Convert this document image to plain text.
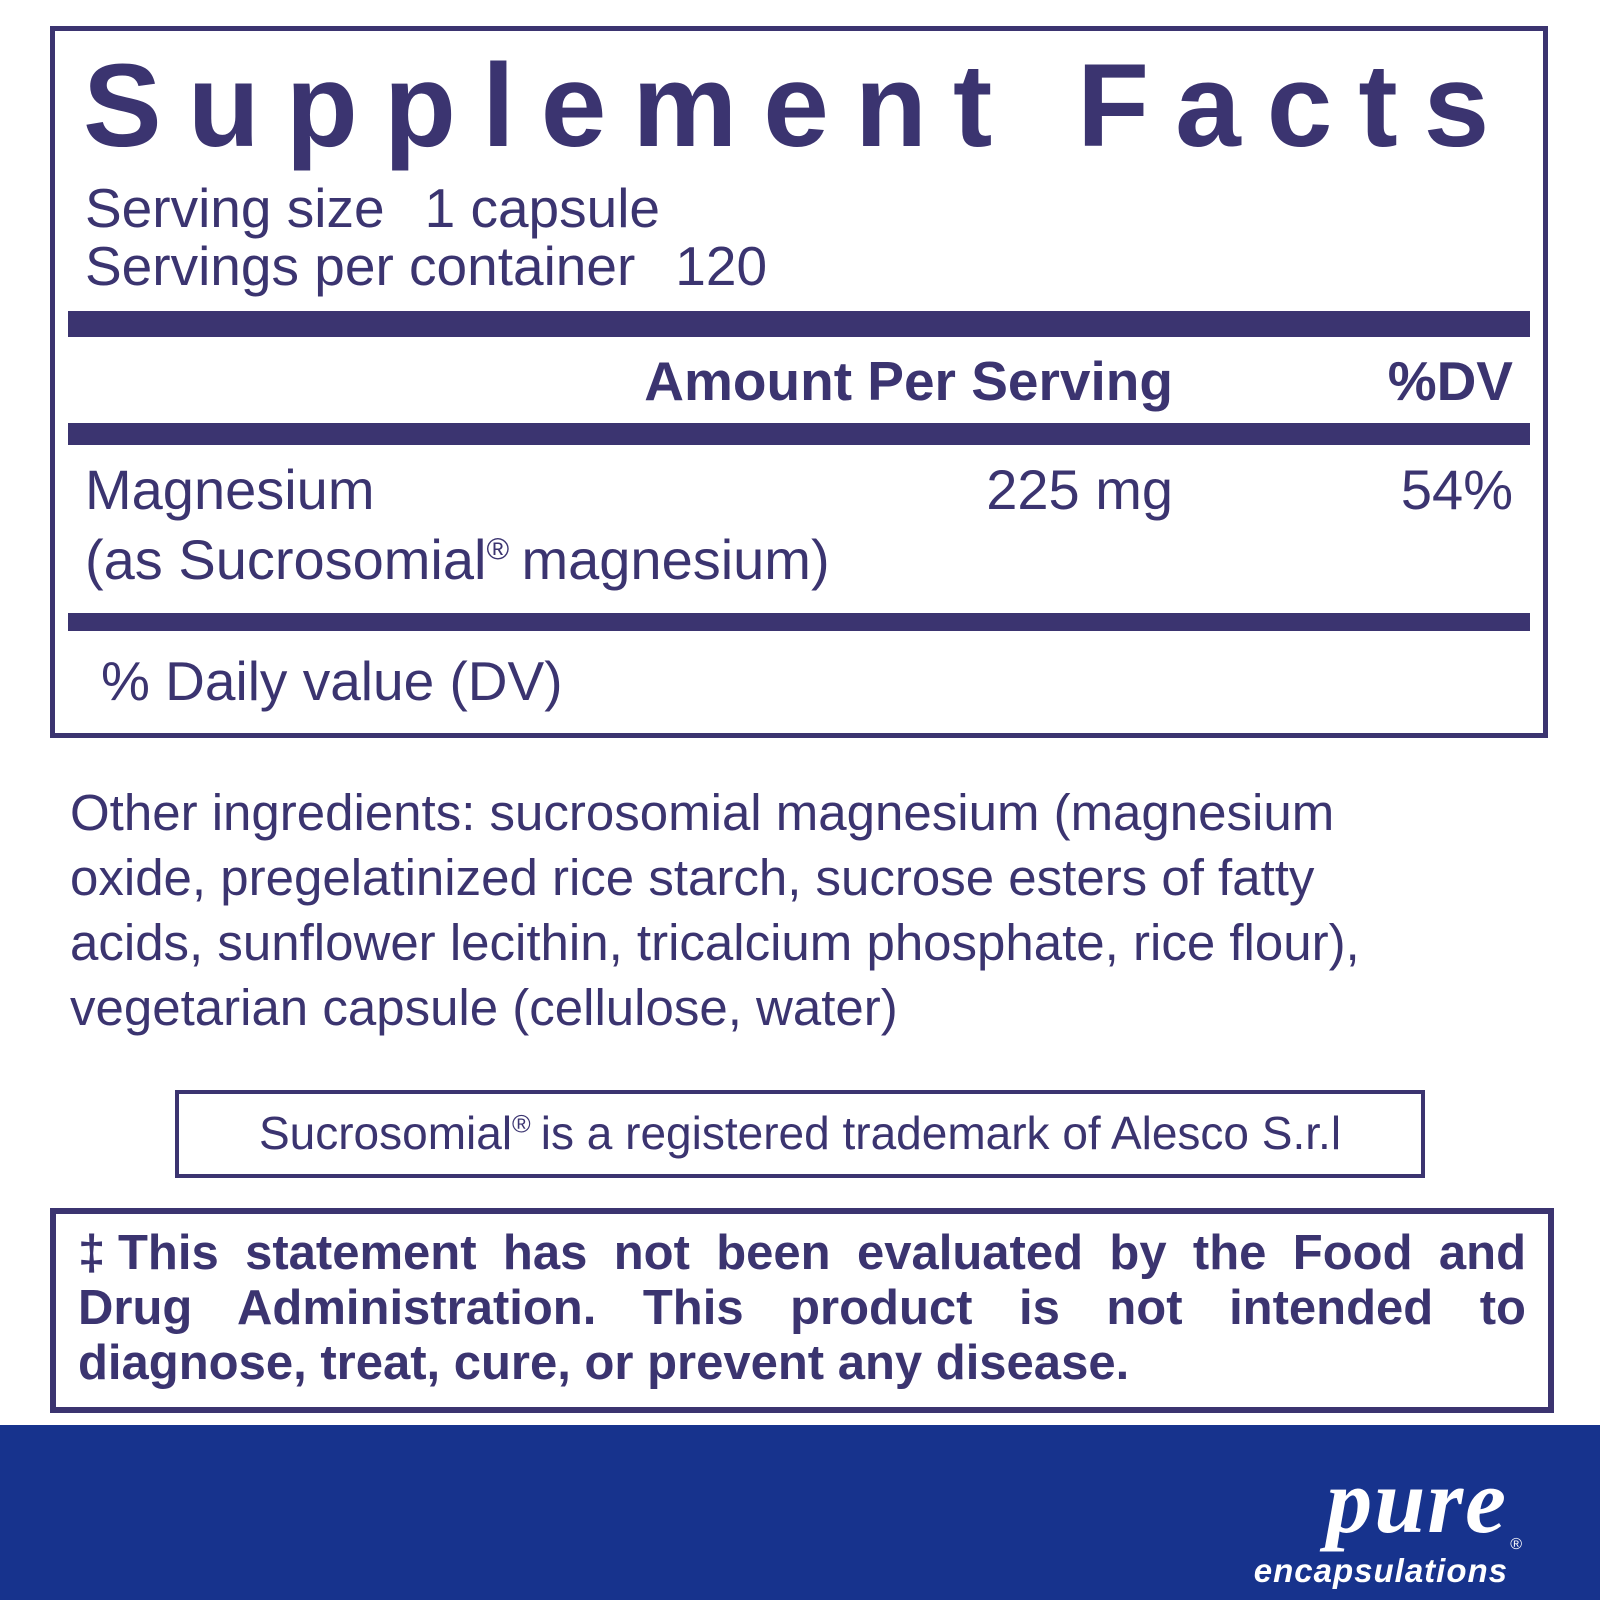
Supplement Facts
Serving size 1 capsule
Servings per container 120
Amount Per Serving	%DV
Magnesium	225 mg	54%
(as Sucrosomial® magnesium)
% Daily value (DV)
Other ingredients: sucrosomial magnesium (magnesium
oxide, pregelatinized rice starch, sucrose esters of fatty
acids, sunflower lecithin, tricalcium phosphate, rice flour),
vegetarian capsule (cellulose, water)
Sucrosomial® is a registered trademark of Alesco S.r.l
‡This statement has not been evaluated by the Food and
Drug Administration. This product is not intended to
diagnose, treat, cure, or prevent any disease.
pure ®
encapsulations
